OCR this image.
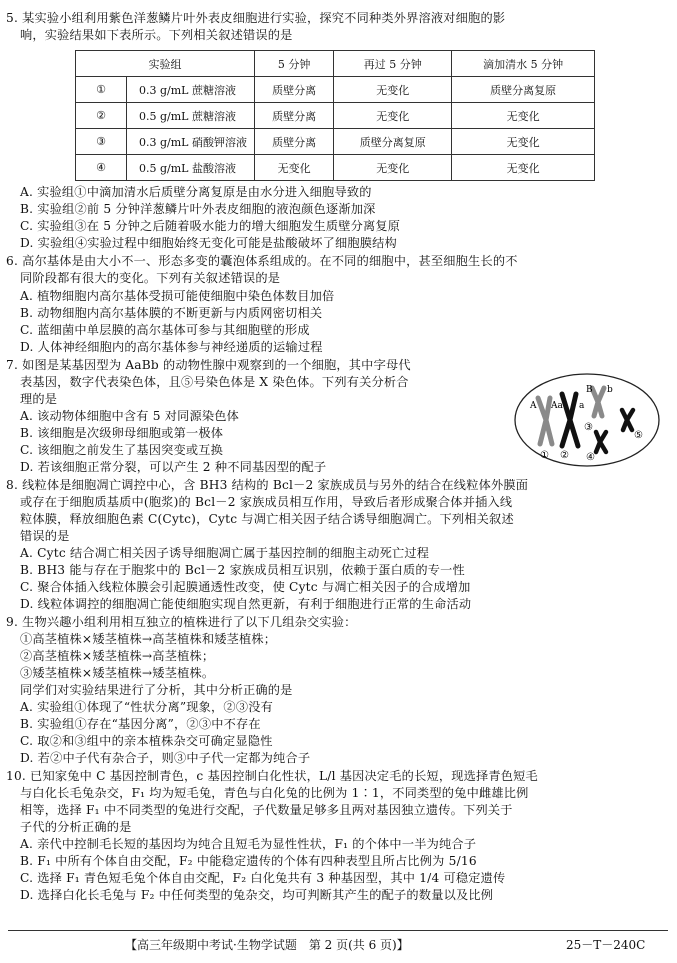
5. 某实验小组利用紫色洋葱鳞片叶外表皮细胞进行实验，探究不同种类外界溶液对细胞的影
响，实验结果如下表所示。下列相关叙述错误的是
实验组		5 分钟	再过 5 分钟	滴加清水 5 分钟
①	0.3 g/mL 蔗糖溶液	质壁分离	无变化	质壁分离复原
②	0.5 g/mL 蔗糖溶液	质壁分离	无变化	无变化
③	0.3 g/mL 硝酸钾溶液	质壁分离	质壁分离复原	无变化
④	0.5 g/mL 盐酸溶液	无变化	无变化	无变化
A. 实验组①中滴加清水后质壁分离复原是由水分进入细胞导致的
B. 实验组②前 5 分钟洋葱鳞片叶外表皮细胞的液泡颜色逐渐加深
C. 实验组③在 5 分钟之后随着吸水能力的增大细胞发生质壁分离复原
D. 实验组④实验过程中细胞始终无变化可能是盐酸破坏了细胞膜结构
6. 高尔基体是由大小不一、形态多变的囊泡体系组成的。在不同的细胞中，甚至细胞生长的不
同阶段都有很大的变化。下列有关叙述错误的是
A. 植物细胞内高尔基体受损可能使细胞中染色体数目加倍
B. 动物细胞内高尔基体膜的不断更新与内质网密切相关
C. 蓝细菌中单层膜的高尔基体可参与其细胞壁的形成
D. 人体神经细胞内的高尔基体参与神经递质的运输过程
7. 如图是某基因型为 AaBb 的动物性腺中观察到的一个细胞，其中字母代
表基因，数字代表染色体，且⑤号染色体是 X 染色体。下列有关分析合
理的是
A. 该动物体细胞中含有 5 对同源染色体
B. 该细胞是次级卵母细胞或第一极体
C. 该细胞之前发生了基因突变或互换
D. 若该细胞正常分裂，可以产生 2 种不同基因型的配子
A Aa a
B b
① ②
③
④
⑤
8. 线粒体是细胞凋亡调控中心，含 BH3 结构的 Bcl－2 家族成员与另外的结合在线粒体外膜面
或存在于细胞质基质中(胞浆)的 Bcl－2 家族成员相互作用，导致后者形成聚合体并插入线
粒体膜，释放细胞色素 C(Cytc)，Cytc 与凋亡相关因子结合诱导细胞凋亡。下列相关叙述
错误的是
A. Cytc 结合凋亡相关因子诱导细胞凋亡属于基因控制的细胞主动死亡过程
B. BH3 能与存在于胞浆中的 Bcl－2 家族成员相互识别，依赖于蛋白质的专一性
C. 聚合体插入线粒体膜会引起膜通透性改变，使 Cytc 与凋亡相关因子的合成增加
D. 线粒体调控的细胞凋亡能使细胞实现自然更新，有利于细胞进行正常的生命活动
9. 生物兴趣小组利用相互独立的植株进行了以下几组杂交实验：
①高茎植株×矮茎植株→高茎植株和矮茎植株；
②高茎植株×矮茎植株→高茎植株；
③矮茎植株×矮茎植株→矮茎植株。
同学们对实验结果进行了分析，其中分析正确的是
A. 实验组①体现了“性状分离”现象，②③没有
B. 实验组①存在“基因分离”，②③中不存在
C. 取②和③组中的亲本植株杂交可确定显隐性
D. 若②中子代有杂合子，则③中子代一定都为纯合子
10. 已知家兔中 C 基因控制青色，c 基因控制白化性状，L/l 基因决定毛的长短，现选择青色短毛
与白化长毛兔杂交，F₁ 均为短毛兔，青色与白化兔的比例为 1∶1，不同类型的兔中雌雄比例
相等，选择 F₁ 中不同类型的兔进行交配，子代数量足够多且两对基因独立遗传。下列关于
子代的分析正确的是
A. 亲代中控制毛长短的基因均为纯合且短毛为显性性状，F₁ 的个体中一半为纯合子
B. F₁ 中所有个体自由交配，F₂ 中能稳定遗传的个体有四种表型且所占比例为 5/16
C. 选择 F₁ 青色短毛兔个体自由交配，F₂ 白化兔共有 3 种基因型，其中 1/4 可稳定遗传
D. 选择白化长毛兔与 F₂ 中任何类型的兔杂交，均可判断其产生的配子的数量以及比例
【高三年级期中考试·生物学试题　第 2 页(共 6 页)】	25－T－240C
